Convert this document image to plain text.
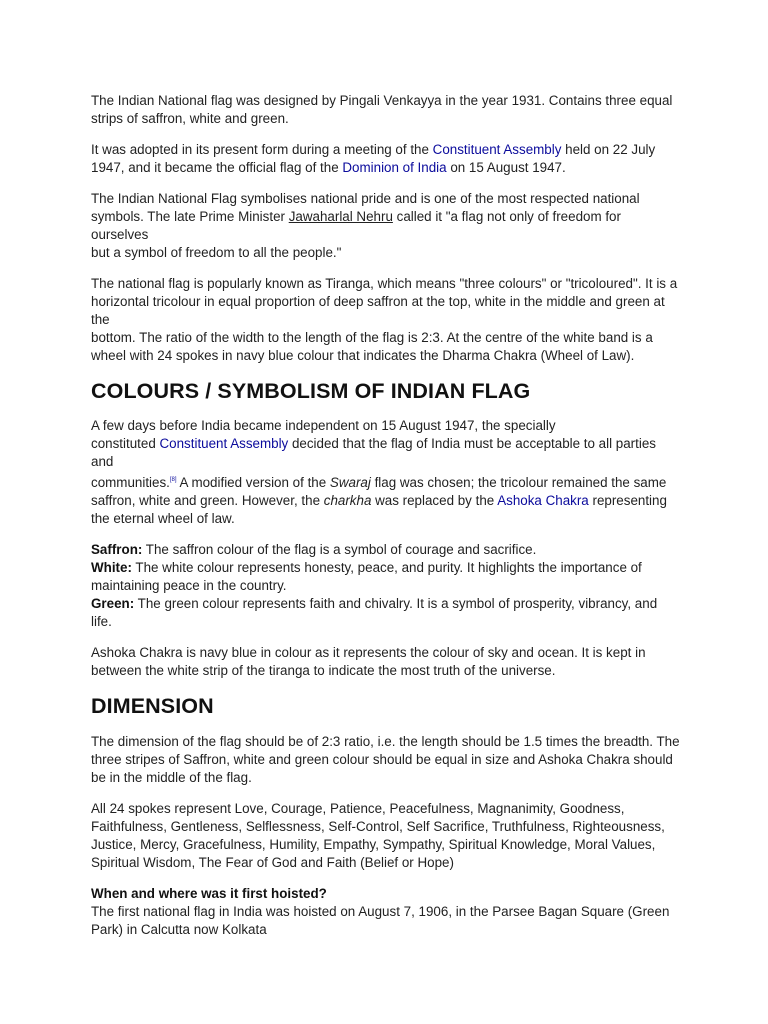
The Indian National flag was designed by Pingali Venkayya in the year 1931. Contains three equal
strips of saffron, white and green.

It was adopted in its present form during a meeting of the Constituent Assembly held on 22 July
1947, and it became the official flag of the Dominion of India on 15 August 1947.

The Indian National Flag symbolises national pride and is one of the most respected national
symbols. The late Prime Minister Jawaharlal Nehru called it "a flag not only of freedom for ourselves
but a symbol of freedom to all the people."

The national flag is popularly known as Tiranga, which means "three colours" or "tricoloured". It is a
horizontal tricolour in equal proportion of deep saffron at the top, white in the middle and green at the
bottom. The ratio of the width to the length of the flag is 2:3. At the centre of the white band is a
wheel with 24 spokes in navy blue colour that indicates the Dharma Chakra (Wheel of Law).

COLOURS / SYMBOLISM OF INDIAN FLAG

A few days before India became independent on 15 August 1947, the specially
constituted Constituent Assembly decided that the flag of India must be acceptable to all parties and
communities.[8] A modified version of the Swaraj flag was chosen; the tricolour remained the same
saffron, white and green. However, the charkha was replaced by the Ashoka Chakra representing
the eternal wheel of law.

Saffron: The saffron colour of the flag is a symbol of courage and sacrifice.
White: The white colour represents honesty, peace, and purity. It highlights the importance of
maintaining peace in the country.
Green: The green colour represents faith and chivalry. It is a symbol of prosperity, vibrancy, and life.

Ashoka Chakra is navy blue in colour as it represents the colour of sky and ocean. It is kept in
between the white strip of the tiranga to indicate the most truth of the universe.

DIMENSION

The dimension of the flag should be of 2:3 ratio, i.e. the length should be 1.5 times the breadth. The
three stripes of Saffron, white and green colour should be equal in size and Ashoka Chakra should
be in the middle of the flag.

All 24 spokes represent Love, Courage, Patience, Peacefulness, Magnanimity, Goodness,
Faithfulness, Gentleness, Selflessness, Self-Control, Self Sacrifice, Truthfulness, Righteousness,
Justice, Mercy, Gracefulness, Humility, Empathy, Sympathy, Spiritual Knowledge, Moral Values,
Spiritual Wisdom, The Fear of God and Faith (Belief or Hope)

When and where was it first hoisted?
The first national flag in India was hoisted on August 7, 1906, in the Parsee Bagan Square (Green
Park) in Calcutta now Kolkata
